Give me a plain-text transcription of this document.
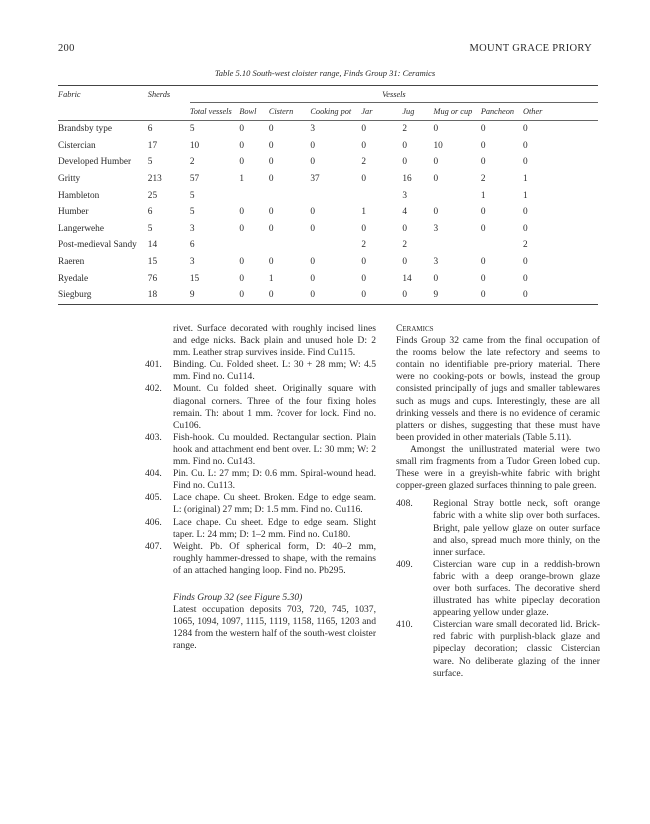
200	MOUNT GRACE PRIORY
Table 5.10 South-west cloister range, Finds Group 31: Ceramics
Fabric	Sherds	Vessels								
		Total vessels	Bowl	Cistern	Cooking pot	Jar	Jug	Mug or cup	Pancheon	Other
Brandsby type	6	5	0	0	3	0	2	0	0	0
Cistercian	17	10	0	0	0	0	0	10	0	0
Developed Humber	5	2	0	0	0	2	0	0	0	0
Gritty	213	57	1	0	37	0	16	0	2	1
Hambleton	25	5					3		1	1
Humber	6	5	0	0	0	1	4	0	0	0
Langerwehe	5	3	0	0	0	0	0	3	0	0
Post-medieval Sandy	14	6				2	2			2
Raeren	15	3	0	0	0	0	0	3	0	0
Ryedale	76	15	0	1	0	0	14	0	0	0
Siegburg	18	9	0	0	0	0	0	9	0	0
rivet. Surface decorated with roughly incised lines and edge nicks. Back plain and unused hole D: 2 mm. Leather strap survives inside. Find Cu115.
401. Binding. Cu. Folded sheet. L: 30 + 28 mm; W: 4.5 mm. Find no. Cu114.
402. Mount. Cu folded sheet. Originally square with diagonal corners. Three of the four fixing holes remain. Th: about 1 mm. ?cover for lock. Find no. Cu106.
403. Fish-hook. Cu moulded. Rectangular section. Plain hook and attachment end bent over. L: 30 mm; W: 2 mm. Find no. Cu143.
404. Pin. Cu. L: 27 mm; D: 0.6 mm. Spiral-wound head. Find no. Cu113.
405. Lace chape. Cu sheet. Broken. Edge to edge seam. L: (original) 27 mm; D: 1.5 mm. Find no. Cu116.
406. Lace chape. Cu sheet. Edge to edge seam. Slight taper. L: 24 mm; D: 1–2 mm. Find no. Cu180.
407. Weight. Pb. Of spherical form, D: 40–2 mm, roughly hammer-dressed to shape, with the remains of an attached hanging loop. Find no. Pb295.
Finds Group 32 (see Figure 5.30)
Latest occupation deposits 703, 720, 745, 1037, 1065, 1094, 1097, 1115, 1119, 1158, 1165, 1203 and 1284 from the western half of the south-west cloister range.
Ceramics
Finds Group 32 came from the final occupation of the rooms below the late refectory and seems to contain no identifiable pre-priory material. There were no cooking-pots or bowls, instead the group consisted principally of jugs and smaller tablewares such as mugs and cups. Interestingly, these are all drinking vessels and there is no evidence of ceramic platters or dishes, suggesting that these must have been provided in other materials (Table 5.11).
Amongst the unillustrated material were two small rim fragments from a Tudor Green lobed cup. These were in a greyish-white fabric with bright copper-green glazed surfaces thinning to pale green.
408. Regional Stray bottle neck, soft orange fabric with a white slip over both surfaces. Bright, pale yellow glaze on outer surface and also, spread much more thinly, on the inner surface.
409. Cistercian ware cup in a reddish-brown fabric with a deep orange-brown glaze over both surfaces. The decorative sherd illustrated has white pipeclay decoration appearing yellow under glaze.
410. Cistercian ware small decorated lid. Brick-red fabric with purplish-black glaze and pipeclay decoration; classic Cistercian ware. No deliberate glazing of the inner surface.
